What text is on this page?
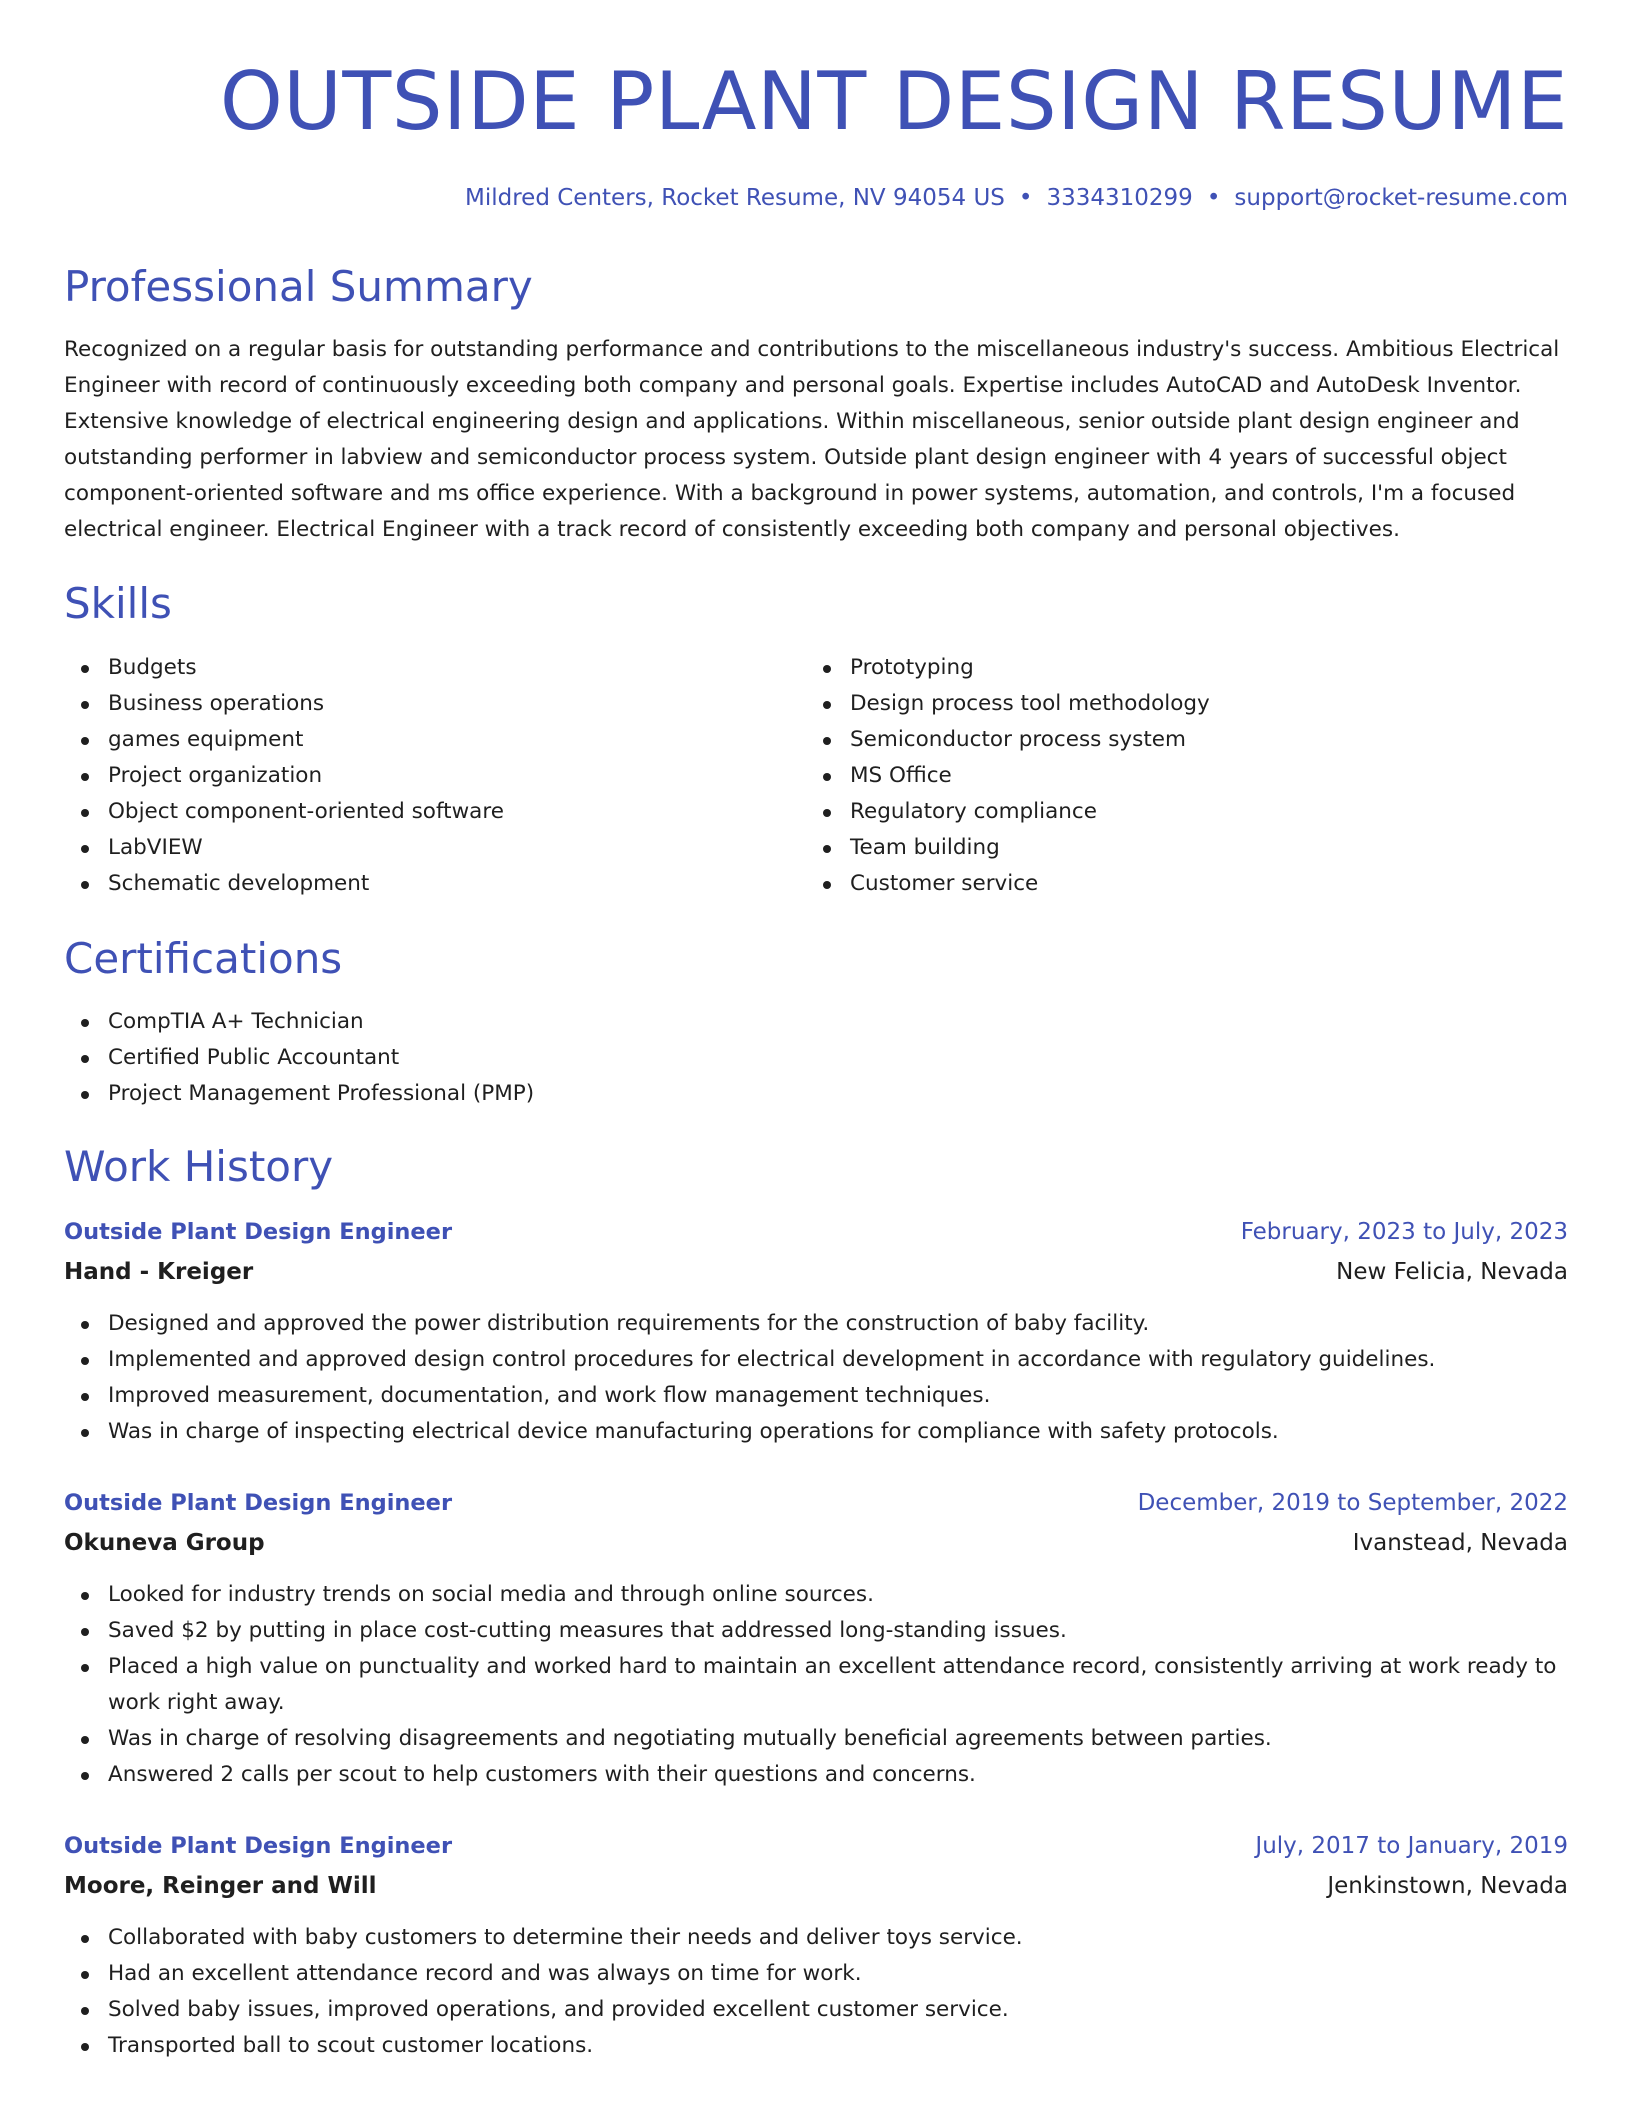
OUTSIDE PLANT DESIGN RESUME
Mildred Centers, Rocket Resume, NV 94054 US • 3334310299 • support@rocket-resume.com
Professional Summary

Recognized on a regular basis for outstanding performance and contributions to the miscellaneous industry's success. Ambitious Electrical Engineer with record of continuously exceeding both company and personal goals. Expertise includes AutoCAD and AutoDesk Inventor. Extensive knowledge of electrical engineering design and applications. Within miscellaneous, senior outside plant design engineer and outstanding performer in labview and semiconductor process system. Outside plant design engineer with 4 years of successful object component-oriented software and ms office experience. With a background in power systems, automation, and controls, I'm a focused electrical engineer. Electrical Engineer with a track record of consistently exceeding both company and personal objectives.

Skills
Budgets
Business operations
games equipment
Project organization
Object component-oriented software
LabVIEW
Schematic development
Prototyping
Design process tool methodology
Semiconductor process system
MS Office
Regulatory compliance
Team building
Customer service
Certifications
CompTIA A+ Technician
Certified Public Accountant
Project Management Professional (PMP)
Work History
Outside Plant Design Engineer	February, 2023 to July, 2023
Hand - Kreiger	New Felicia, Nevada
Designed and approved the power distribution requirements for the construction of baby facility.
Implemented and approved design control procedures for electrical development in accordance with regulatory guidelines.
Improved measurement, documentation, and work flow management techniques.
Was in charge of inspecting electrical device manufacturing operations for compliance with safety protocols.
Outside Plant Design Engineer	December, 2019 to September, 2022
Okuneva Group	Ivanstead, Nevada
Looked for industry trends on social media and through online sources.
Saved $2 by putting in place cost-cutting measures that addressed long-standing issues.
Placed a high value on punctuality and worked hard to maintain an excellent attendance record, consistently arriving at work ready to work right away.
Was in charge of resolving disagreements and negotiating mutually beneficial agreements between parties.
Answered 2 calls per scout to help customers with their questions and concerns.
Outside Plant Design Engineer	July, 2017 to January, 2019
Moore, Reinger and Will	Jenkinstown, Nevada
Collaborated with baby customers to determine their needs and deliver toys service.
Had an excellent attendance record and was always on time for work.
Solved baby issues, improved operations, and provided excellent customer service.
Transported ball to scout customer locations.
